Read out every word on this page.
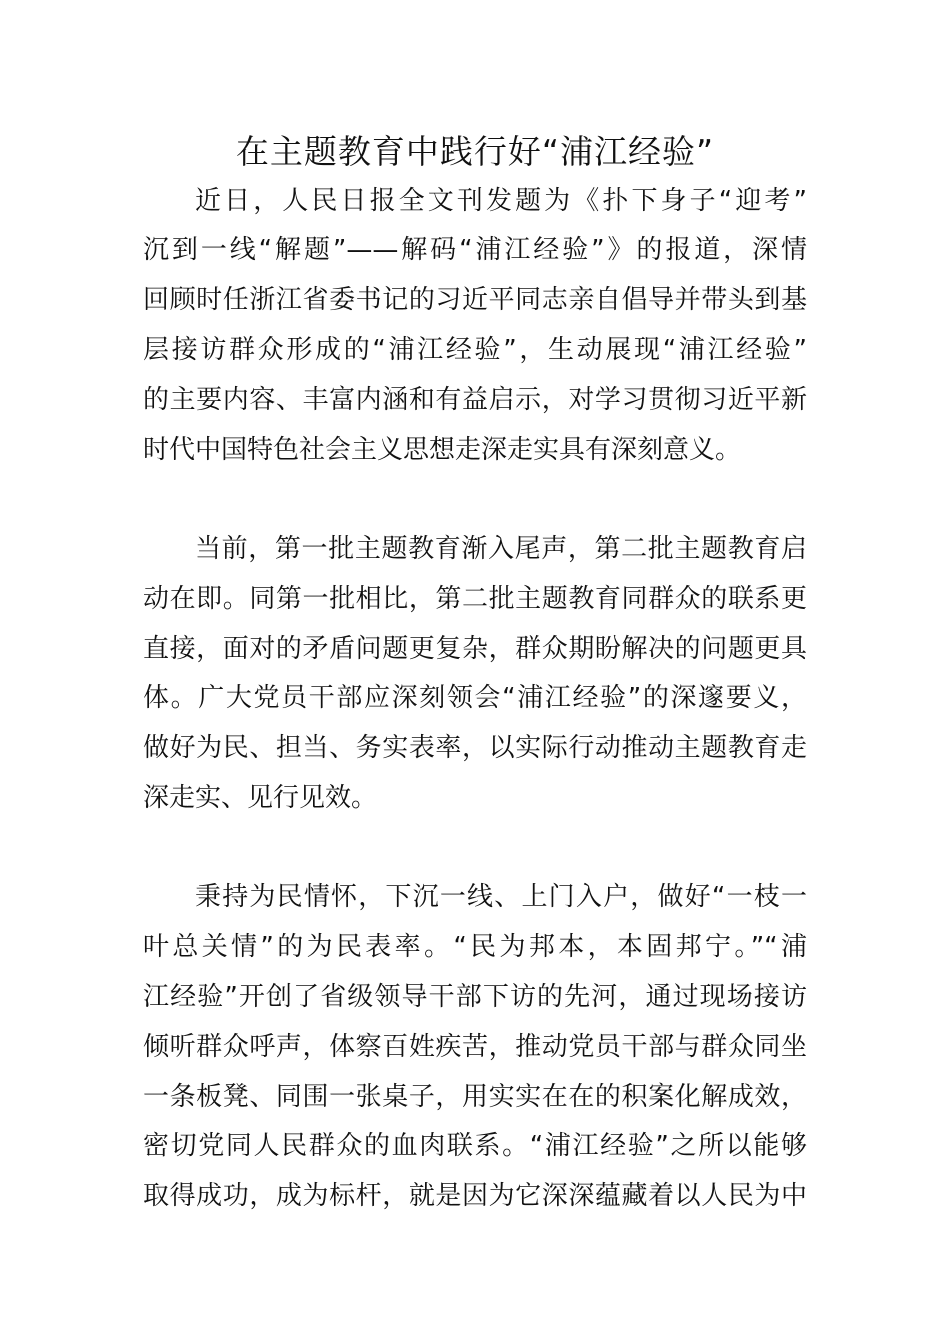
在主题教育中践行好“浦江经验”
近日，人民日报全文刊发题为《扑下身子“迎考”
沉到一线“解题”——解码“浦江经验”》的报道，深情
回顾时任浙江省委书记的习近平同志亲自倡导并带头到基
层接访群众形成的“浦江经验”，生动展现“浦江经验”
的主要内容、丰富内涵和有益启示，对学习贯彻习近平新
时代中国特色社会主义思想走深走实具有深刻意义。
当前，第一批主题教育渐入尾声，第二批主题教育启
动在即。同第一批相比，第二批主题教育同群众的联系更
直接，面对的矛盾问题更复杂，群众期盼解决的问题更具
体。广大党员干部应深刻领会“浦江经验”的深邃要义，
做好为民、担当、务实表率，以实际行动推动主题教育走
深走实、见行见效。
秉持为民情怀，下沉一线、上门入户，做好“一枝一
叶总关情”的为民表率。“民为邦本，本固邦宁。”“浦
江经验”开创了省级领导干部下访的先河，通过现场接访
倾听群众呼声，体察百姓疾苦，推动党员干部与群众同坐
一条板凳、同围一张桌子，用实实在在的积案化解成效，
密切党同人民群众的血肉联系。“浦江经验”之所以能够
取得成功，成为标杆，就是因为它深深蕴藏着以人民为中
